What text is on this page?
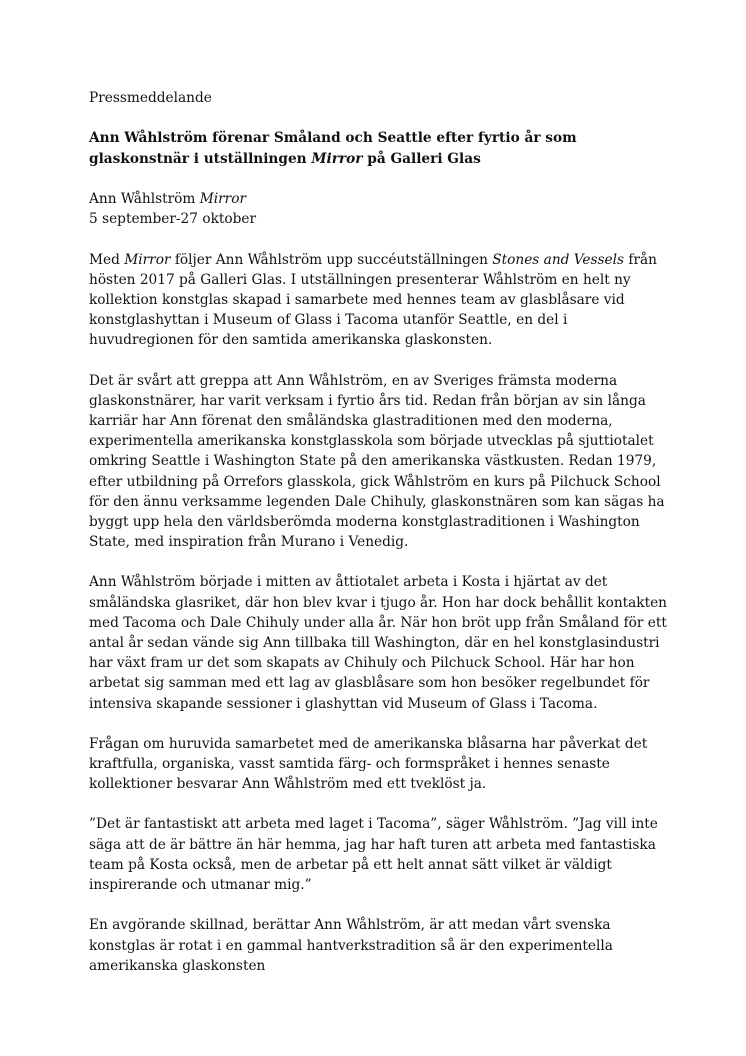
Pressmeddelande

Ann Wåhlström förenar Småland och Seattle efter fyrtio år som glaskonstnär i utställningen Mirror på Galleri Glas

Ann Wåhlström Mirror
5 september-27 oktober

Med Mirror följer Ann Wåhlström upp succéutställningen Stones and Vessels från hösten 2017 på Galleri Glas. I utställningen presenterar Wåhlström en helt ny kollektion konstglas skapad i samarbete med hennes team av glasblåsare vid konstglashyttan i Museum of Glass i Tacoma utanför Seattle, en del i huvudregionen för den samtida amerikanska glaskonsten.

Det är svårt att greppa att Ann Wåhlström, en av Sveriges främsta moderna glaskonstnärer, har varit verksam i fyrtio års tid. Redan från början av sin långa karriär har Ann förenat den småländska glastraditionen med den moderna, experimentella amerikanska konstglasskola som började utvecklas på sjuttiotalet omkring Seattle i Washington State på den amerikanska västkusten. Redan 1979, efter utbildning på Orrefors glasskola, gick Wåhlström en kurs på Pilchuck School för den ännu verksamme legenden Dale Chihuly, glaskonstnären som kan sägas ha byggt upp hela den världsberömda moderna konstglastraditionen i Washington State, med inspiration från Murano i Venedig.

Ann Wåhlström började i mitten av åttiotalet arbeta i Kosta i hjärtat av det småländska glasriket, där hon blev kvar i tjugo år. Hon har dock behållit kontakten med Tacoma och Dale Chihuly under alla år. När hon bröt upp från Småland för ett antal år sedan vände sig Ann tillbaka till Washington, där en hel konstglasindustri har växt fram ur det som skapats av Chihuly och Pilchuck School. Här har hon arbetat sig samman med ett lag av glasblåsare som hon besöker regelbundet för intensiva skapande sessioner i glashyttan vid Museum of Glass i Tacoma.

Frågan om huruvida samarbetet med de amerikanska blåsarna har påverkat det kraftfulla, organiska, vasst samtida färg- och formspråket i hennes senaste kollektioner besvarar Ann Wåhlström med ett tveklöst ja.

”Det är fantastiskt att arbeta med laget i Tacoma”, säger Wåhlström. ”Jag vill inte säga att de är bättre än här hemma, jag har haft turen att arbeta med fantastiska team på Kosta också, men de arbetar på ett helt annat sätt vilket är väldigt inspirerande och utmanar mig.”

En avgörande skillnad, berättar Ann Wåhlström, är att medan vårt svenska konstglas är rotat i en gammal hantverkstradition så är den experimentella amerikanska glaskonsten
